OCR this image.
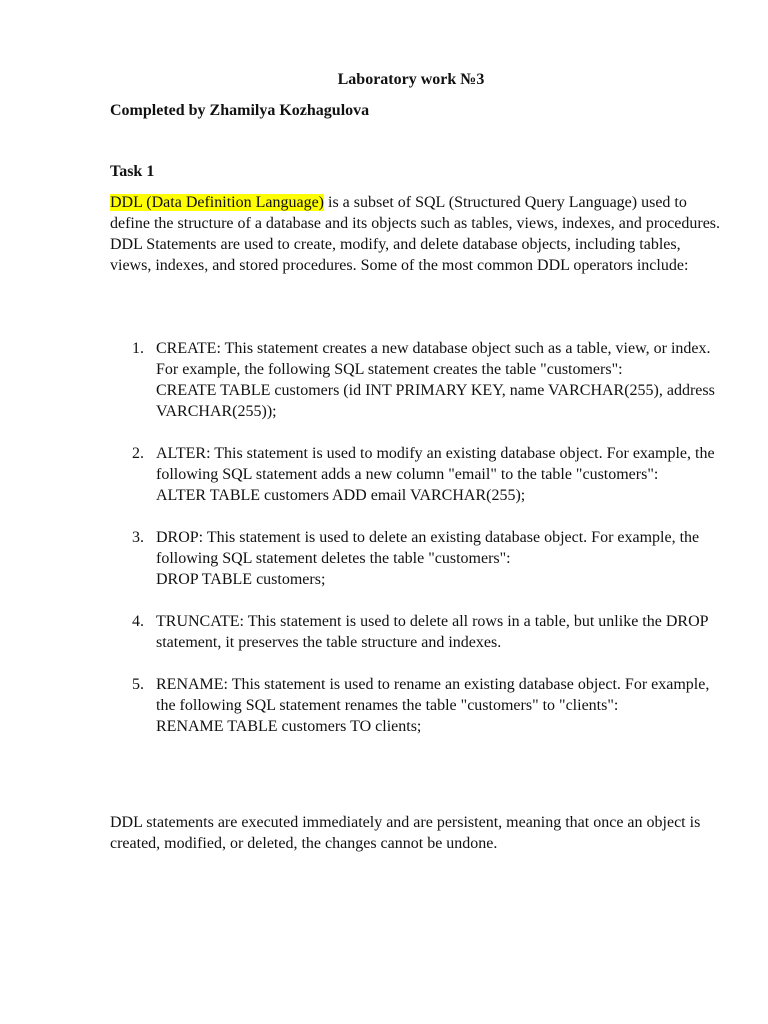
Laboratory work №3

Completed by Zhamilya Kozhagulova

Task 1

DDL (Data Definition Language) is a subset of SQL (Structured Query Language) used to define the structure of a database and its objects such as tables, views, indexes, and procedures. DDL Statements are used to create, modify, and delete database objects, including tables, views, indexes, and stored procedures. Some of the most common DDL operators include:

1. CREATE: This statement creates a new database object such as a table, view, or index. For example, the following SQL statement creates the table "customers":
CREATE TABLE customers (id INT PRIMARY KEY, name VARCHAR(255), address VARCHAR(255));
2. ALTER: This statement is used to modify an existing database object. For example, the following SQL statement adds a new column "email" to the table "customers":
ALTER TABLE customers ADD email VARCHAR(255);
3. DROP: This statement is used to delete an existing database object. For example, the following SQL statement deletes the table "customers":
DROP TABLE customers;
4. TRUNCATE: This statement is used to delete all rows in a table, but unlike the DROP statement, it preserves the table structure and indexes.
5. RENAME: This statement is used to rename an existing database object. For example, the following SQL statement renames the table "customers" to "clients":
RENAME TABLE customers TO clients;

DDL statements are executed immediately and are persistent, meaning that once an object is created, modified, or deleted, the changes cannot be undone.
